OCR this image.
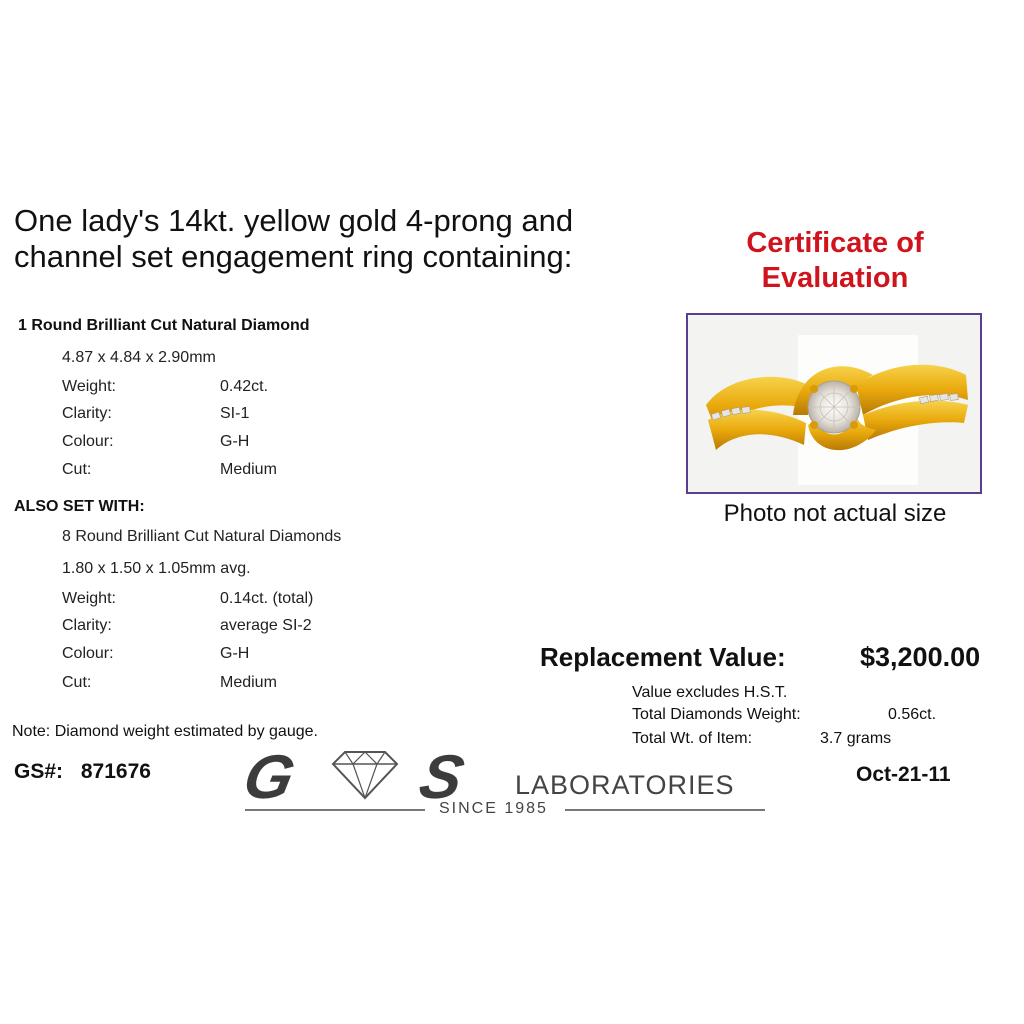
One lady's 14kt. yellow gold 4-prong and
channel set engagement ring containing:	Certificate of
Evaluation
Photo not actual size
1 Round Brilliant Cut Natural Diamond
4.87 x 4.84 x 2.90mm
Weight:	0.42ct.
Clarity:	SI-1
Colour:	G-H
Cut:	Medium
ALSO SET WITH:
8 Round Brilliant Cut Natural Diamonds
1.80 x 1.50 x 1.05mm avg.
Weight:	0.14ct. (total)
Clarity:	average SI-2
Colour:	G-H
Cut:	Medium
Replacement Value:	$3,200.00
Value excludes H.S.T.
Total Diamonds Weight:	0.56ct.
Total Wt. of Item:	3.7 grams
Note: Diamond weight estimated by gauge.
GS#: 871676	Oct-21-11
G S LABORATORIES
SINCE 1985
